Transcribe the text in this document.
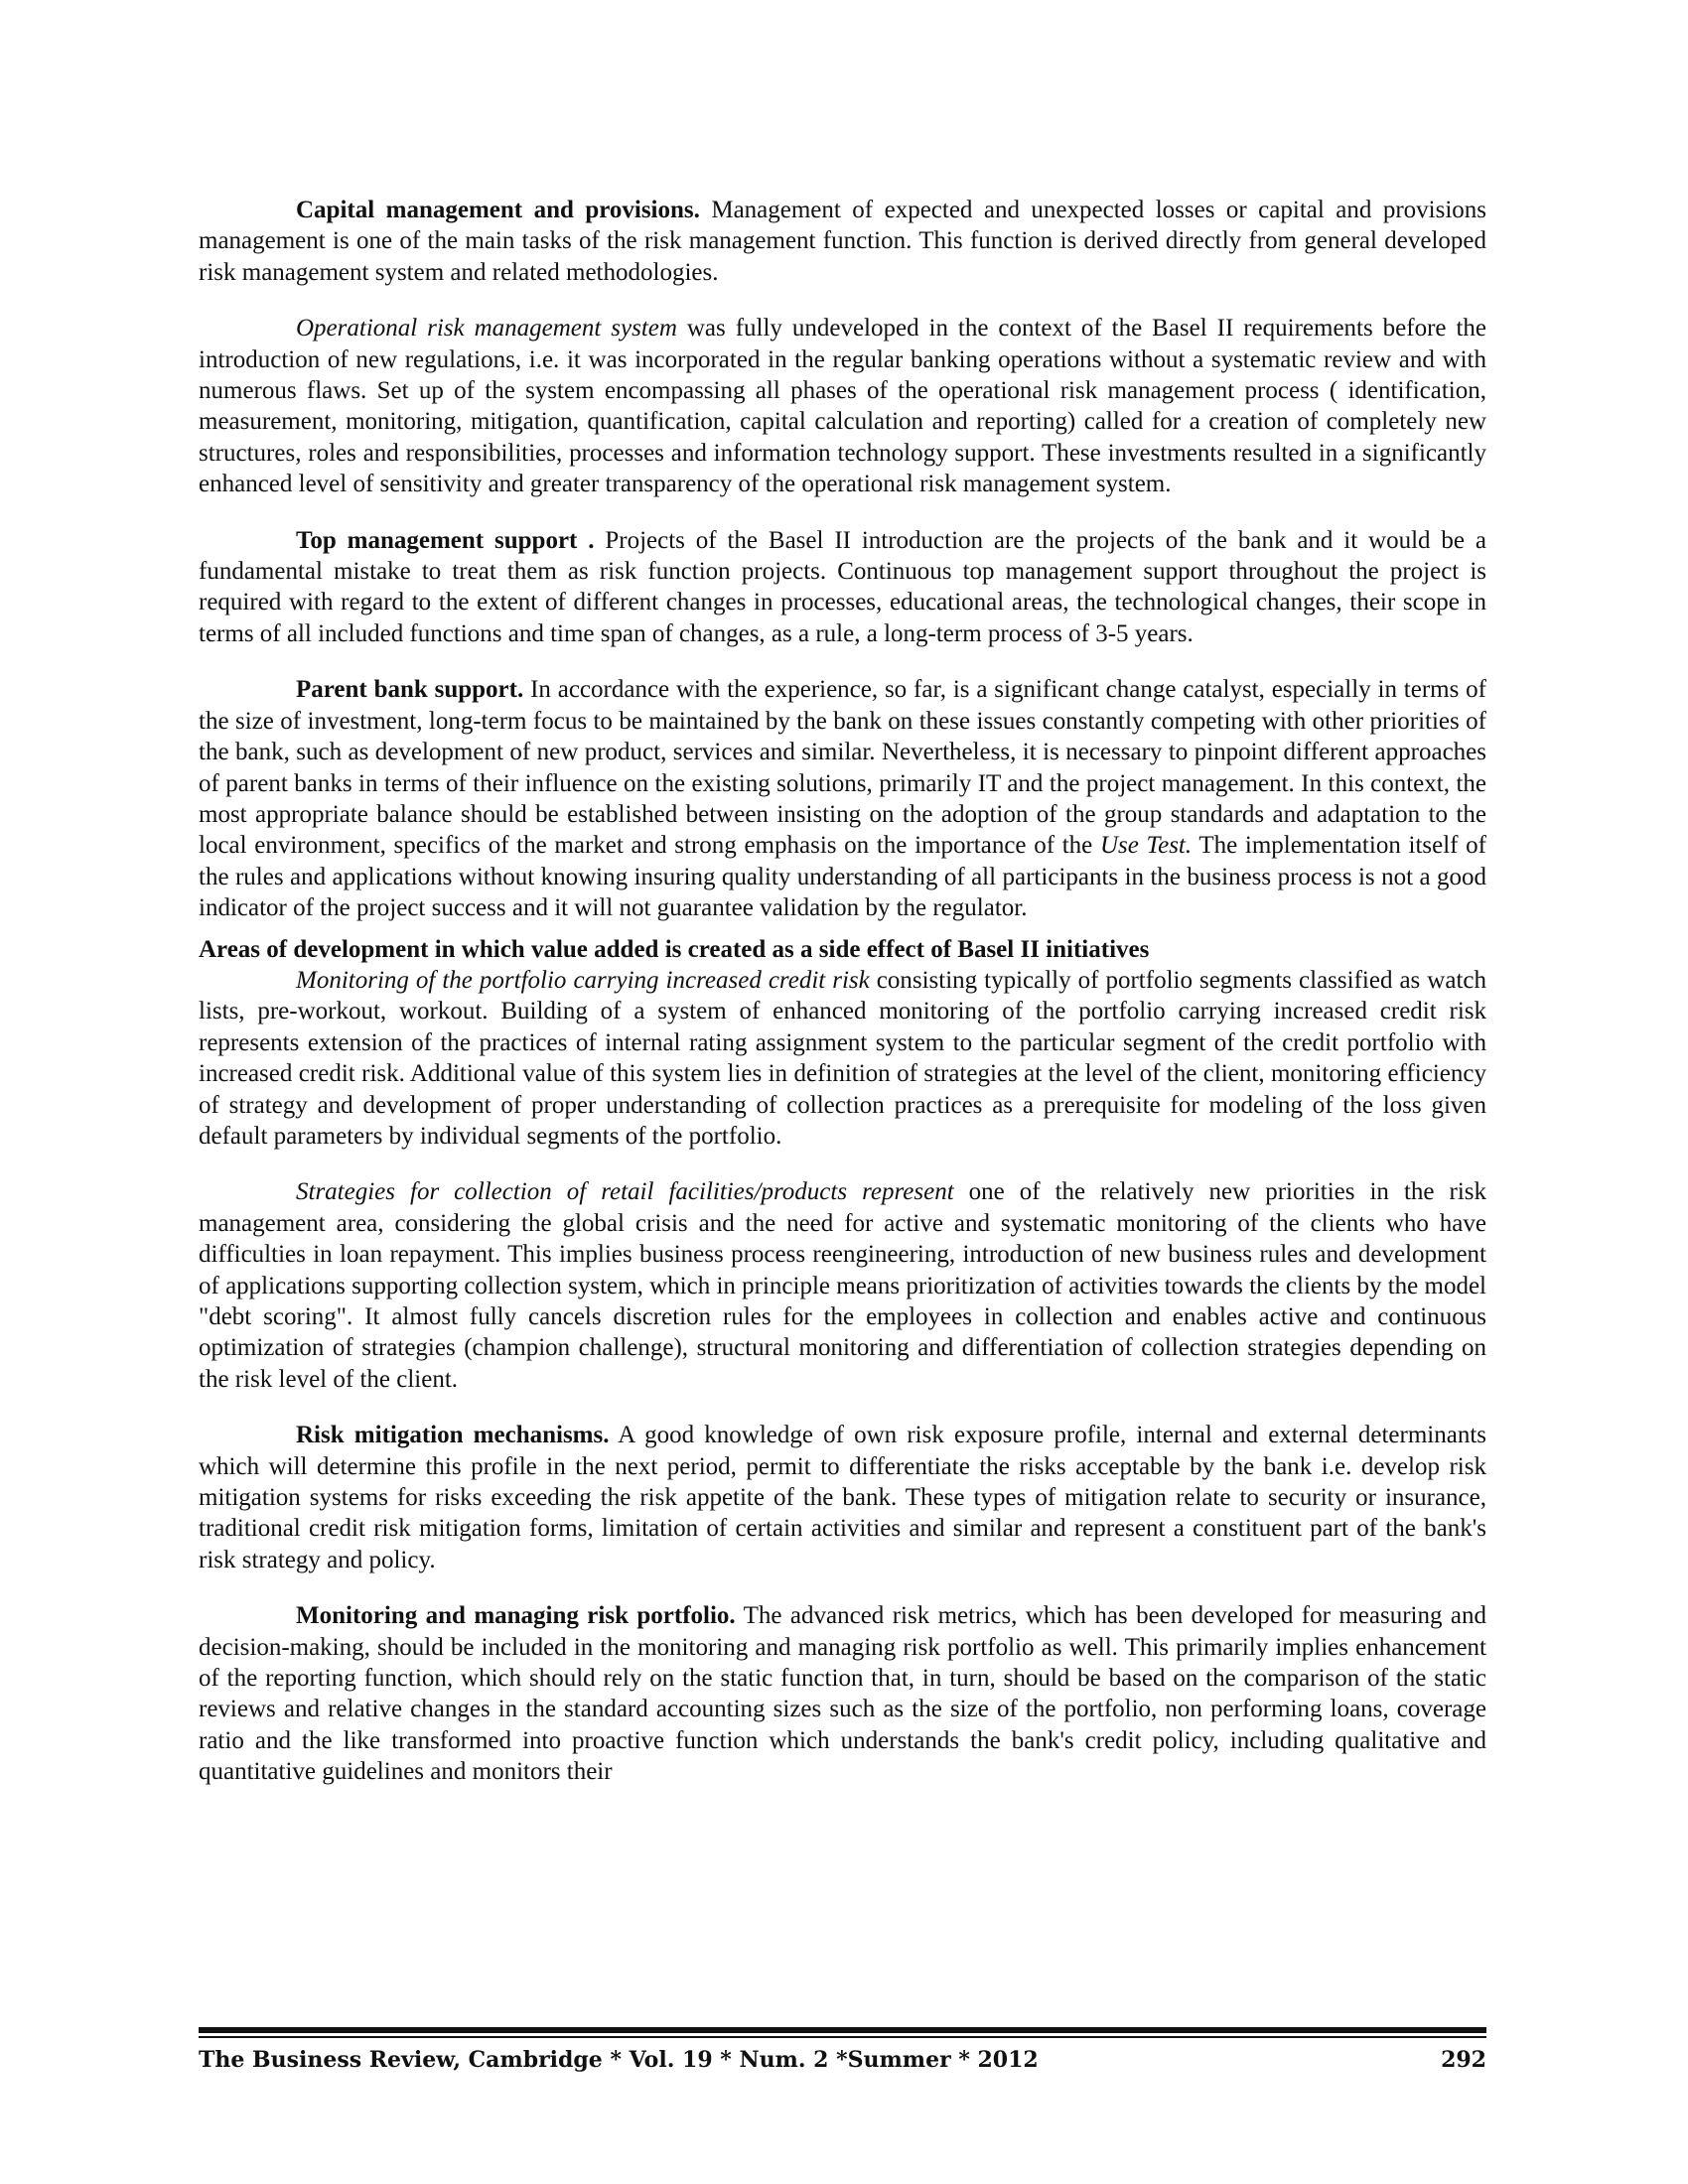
Capital management and provisions. Management of expected and unexpected losses or capital and provisions management is one of the main tasks of the risk management function. This function is derived directly from general developed risk management system and related methodologies.

Operational risk management system was fully undeveloped in the context of the Basel II requirements before the introduction of new regulations, i.e. it was incorporated in the regular banking operations without a systematic review and with numerous flaws. Set up of the system encompassing all phases of the operational risk management process ( identification, measurement, monitoring, mitigation, quantification, capital calculation and reporting) called for a creation of completely new structures, roles and responsibilities, processes and information technology support. These investments resulted in a significantly enhanced level of sensitivity and greater transparency of the operational risk management system.

Top management support . Projects of the Basel II introduction are the projects of the bank and it would be a fundamental mistake to treat them as risk function projects. Continuous top management support throughout the project is required with regard to the extent of different changes in processes, educational areas, the technological changes, their scope in terms of all included functions and time span of changes, as a rule, a long-term process of 3-5 years.

Parent bank support. In accordance with the experience, so far, is a significant change catalyst, especially in terms of the size of investment, long-term focus to be maintained by the bank on these issues constantly competing with other priorities of the bank, such as development of new product, services and similar. Nevertheless, it is necessary to pinpoint different approaches of parent banks in terms of their influence on the existing solutions, primarily IT and the project management. In this context, the most appropriate balance should be established between insisting on the adoption of the group standards and adaptation to the local environment, specifics of the market and strong emphasis on the importance of the Use Test. The implementation itself of the rules and applications without knowing insuring quality understanding of all participants in the business process is not a good indicator of the project success and it will not guarantee validation by the regulator.

Areas of development in which value added is created as a side effect of Basel II initiatives

Monitoring of the portfolio carrying increased credit risk consisting typically of portfolio segments classified as watch lists, pre-workout, workout. Building of a system of enhanced monitoring of the portfolio carrying increased credit risk represents extension of the practices of internal rating assignment system to the particular segment of the credit portfolio with increased credit risk. Additional value of this system lies in definition of strategies at the level of the client, monitoring efficiency of strategy and development of proper understanding of collection practices as a prerequisite for modeling of the loss given default parameters by individual segments of the portfolio.

Strategies for collection of retail facilities/products represent one of the relatively new priorities in the risk management area, considering the global crisis and the need for active and systematic monitoring of the clients who have difficulties in loan repayment. This implies business process reengineering, introduction of new business rules and development of applications supporting collection system, which in principle means prioritization of activities towards the clients by the model "debt scoring". It almost fully cancels discretion rules for the employees in collection and enables active and continuous optimization of strategies (champion challenge), structural monitoring and differentiation of collection strategies depending on the risk level of the client.

Risk mitigation mechanisms. A good knowledge of own risk exposure profile, internal and external determinants which will determine this profile in the next period, permit to differentiate the risks acceptable by the bank i.e. develop risk mitigation systems for risks exceeding the risk appetite of the bank. These types of mitigation relate to security or insurance, traditional credit risk mitigation forms, limitation of certain activities and similar and represent a constituent part of the bank's risk strategy and policy.

Monitoring and managing risk portfolio. The advanced risk metrics, which has been developed for measuring and decision-making, should be included in the monitoring and managing risk portfolio as well. This primarily implies enhancement of the reporting function, which should rely on the static function that, in turn, should be based on the comparison of the static reviews and relative changes in the standard accounting sizes such as the size of the portfolio, non performing loans, coverage ratio and the like transformed into proactive function which understands the bank's credit policy, including qualitative and quantitative guidelines and monitors their

The Business Review, Cambridge * Vol. 19 * Num. 2 *Summer * 2012	292
